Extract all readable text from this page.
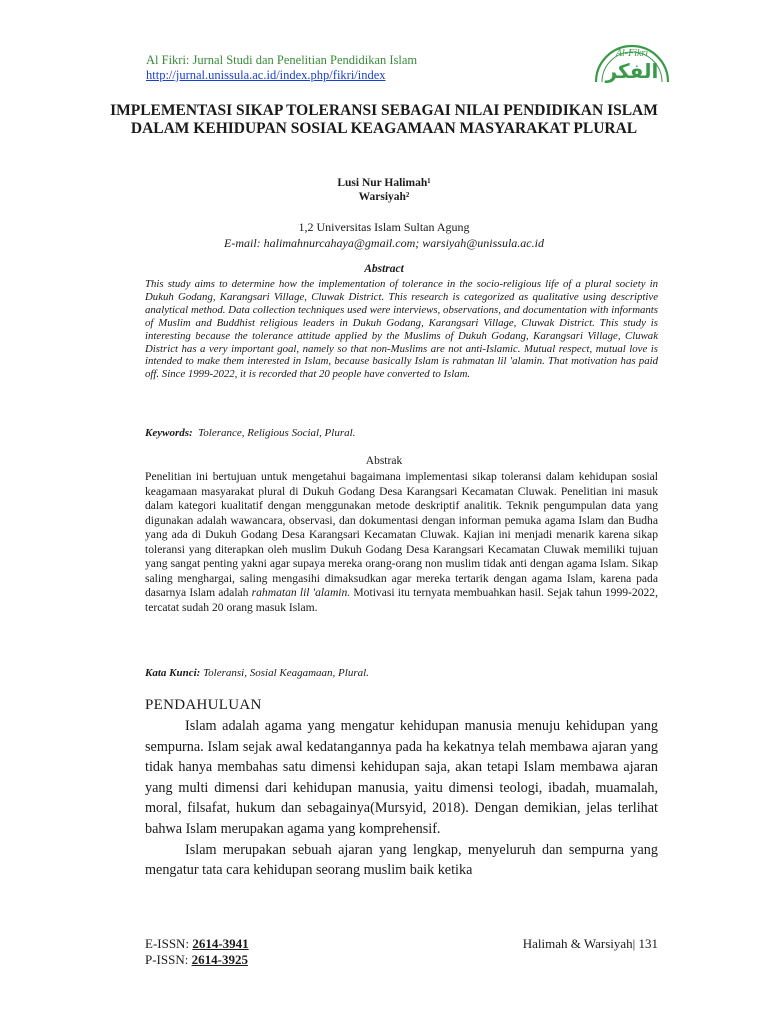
Al Fikri: Jurnal Studi dan Penelitian Pendidikan Islam
http://jurnal.unissula.ac.id/index.php/fikri/index
Al-Fikri
الفكر
IMPLEMENTASI SIKAP TOLERANSI SEBAGAI NILAI PENDIDIKAN ISLAM DALAM KEHIDUPAN SOSIAL KEAGAMAAN MASYARAKAT PLURAL
Lusi Nur Halimah¹
Warsiyah²
1,2 Universitas Islam Sultan Agung
E-mail: halimahnurcahaya@gmail.com; warsiyah@unissula.ac.id
Abstract
This study aims to determine how the implementation of tolerance in the socio-religious life of a plural society in Dukuh Godang, Karangsari Village, Cluwak District. This research is categorized as qualitative using descriptive analytical method. Data collection techniques used were interviews, observations, and documentation with informants of Muslim and Buddhist religious leaders in Dukuh Godang, Karangsari Village, Cluwak District. This study is interesting because the tolerance attitude applied by the Muslims of Dukuh Godang, Karangsari Village, Cluwak District has a very important goal, namely so that non-Muslims are not anti-Islamic. Mutual respect, mutual love is intended to make them interested in Islam, because basically Islam is rahmatan lil 'alamin. That motivation has paid off. Since 1999-2022, it is recorded that 20 people have converted to Islam.
Keywords: Tolerance, Religious Social, Plural.
Abstrak
Penelitian ini bertujuan untuk mengetahui bagaimana implementasi sikap toleransi dalam kehidupan sosial keagamaan masyarakat plural di Dukuh Godang Desa Karangsari Kecamatan Cluwak. Penelitian ini masuk dalam kategori kualitatif dengan menggunakan metode deskriptif analitik. Teknik pengumpulan data yang digunakan adalah wawancara, observasi, dan dokumentasi dengan informan pemuka agama Islam dan Budha yang ada di Dukuh Godang Desa Karangsari Kecamatan Cluwak. Kajian ini menjadi menarik karena sikap toleransi yang diterapkan oleh muslim Dukuh Godang Desa Karangsari Kecamatan Cluwak memiliki tujuan yang sangat penting yakni agar supaya mereka orang-orang non muslim tidak anti dengan agama Islam. Sikap saling menghargai, saling mengasihi dimaksudkan agar mereka tertarik dengan agama Islam, karena pada dasarnya Islam adalah rahmatan lil 'alamin. Motivasi itu ternyata membuahkan hasil. Sejak tahun 1999-2022, tercatat sudah 20 orang masuk Islam.
Kata Kunci: Toleransi, Sosial Keagamaan, Plural.
PENDAHULUAN

Islam adalah agama yang mengatur kehidupan manusia menuju kehidupan yang sempurna. Islam sejak awal kedatangannya pada ha kekatnya telah membawa ajaran yang tidak hanya membahas satu dimensi kehidupan saja, akan tetapi Islam membawa ajaran yang multi dimensi dari kehidupan manusia, yaitu dimensi teologi, ibadah, muamalah, moral, filsafat, hukum dan sebagainya(Mursyid, 2018). Dengan demikian, jelas terlihat bahwa Islam merupakan agama yang komprehensif.

Islam merupakan sebuah ajaran yang lengkap, menyeluruh dan sempurna yang mengatur tata cara kehidupan seorang muslim baik ketika

E-ISSN: 2614-3941
P-ISSN: 2614-3925
Halimah & Warsiyah| 131
